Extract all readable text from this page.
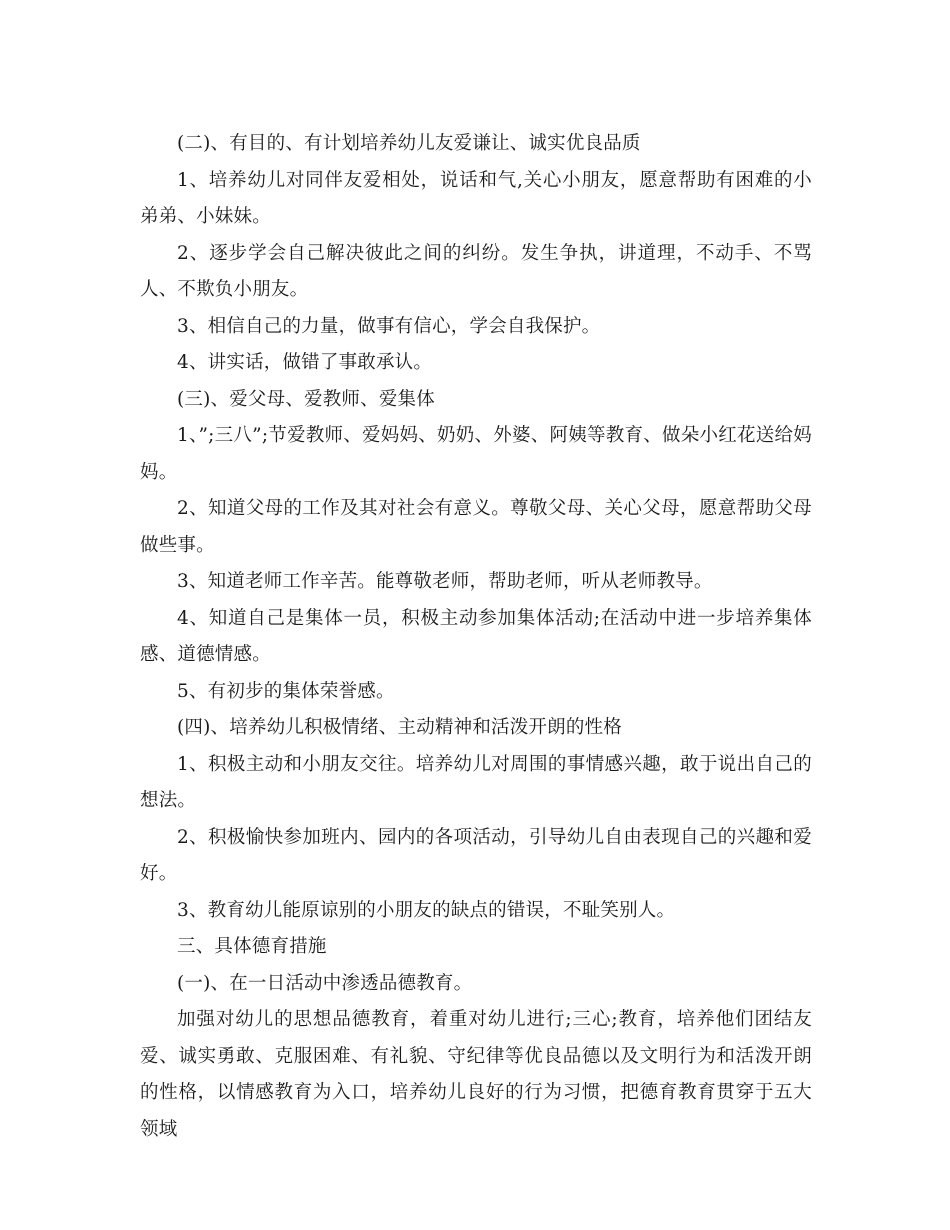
(二)、有目的、有计划培养幼儿友爱谦让、诚实优良品质

1、培养幼儿对同伴友爱相处，说话和气,关心小朋友，愿意帮助有困难的小弟弟、小妹妹。

2、逐步学会自己解决彼此之间的纠纷。发生争执，讲道理，不动手、不骂人、不欺负小朋友。

3、相信自己的力量，做事有信心，学会自我保护。

4、讲实话，做错了事敢承认。

(三)、爱父母、爱教师、爱集体

1、”;三八”;节爱教师、爱妈妈、奶奶、外婆、阿姨等教育、做朵小红花送给妈妈。

2、知道父母的工作及其对社会有意义。尊敬父母、关心父母，愿意帮助父母做些事。

3、知道老师工作辛苦。能尊敬老师，帮助老师，听从老师教导。

4、知道自己是集体一员，积极主动参加集体活动;在活动中进一步培养集体感、道德情感。

5、有初步的集体荣誉感。

(四)、培养幼儿积极情绪、主动精神和活泼开朗的性格

1、积极主动和小朋友交往。培养幼儿对周围的事情感兴趣，敢于说出自己的想法。

2、积极愉快参加班内、园内的各项活动，引导幼儿自由表现自己的兴趣和爱好。

3、教育幼儿能原谅别的小朋友的缺点的错误，不耻笑别人。

三、具体德育措施

(一)、在一日活动中渗透品德教育。

加强对幼儿的思想品德教育，着重对幼儿进行;三心;教育，培养他们团结友爱、诚实勇敢、克服困难、有礼貌、守纪律等优良品德以及文明行为和活泼开朗的性格，以情感教育为入口，培养幼儿良好的行为习惯，把德育教育贯穿于五大领域
